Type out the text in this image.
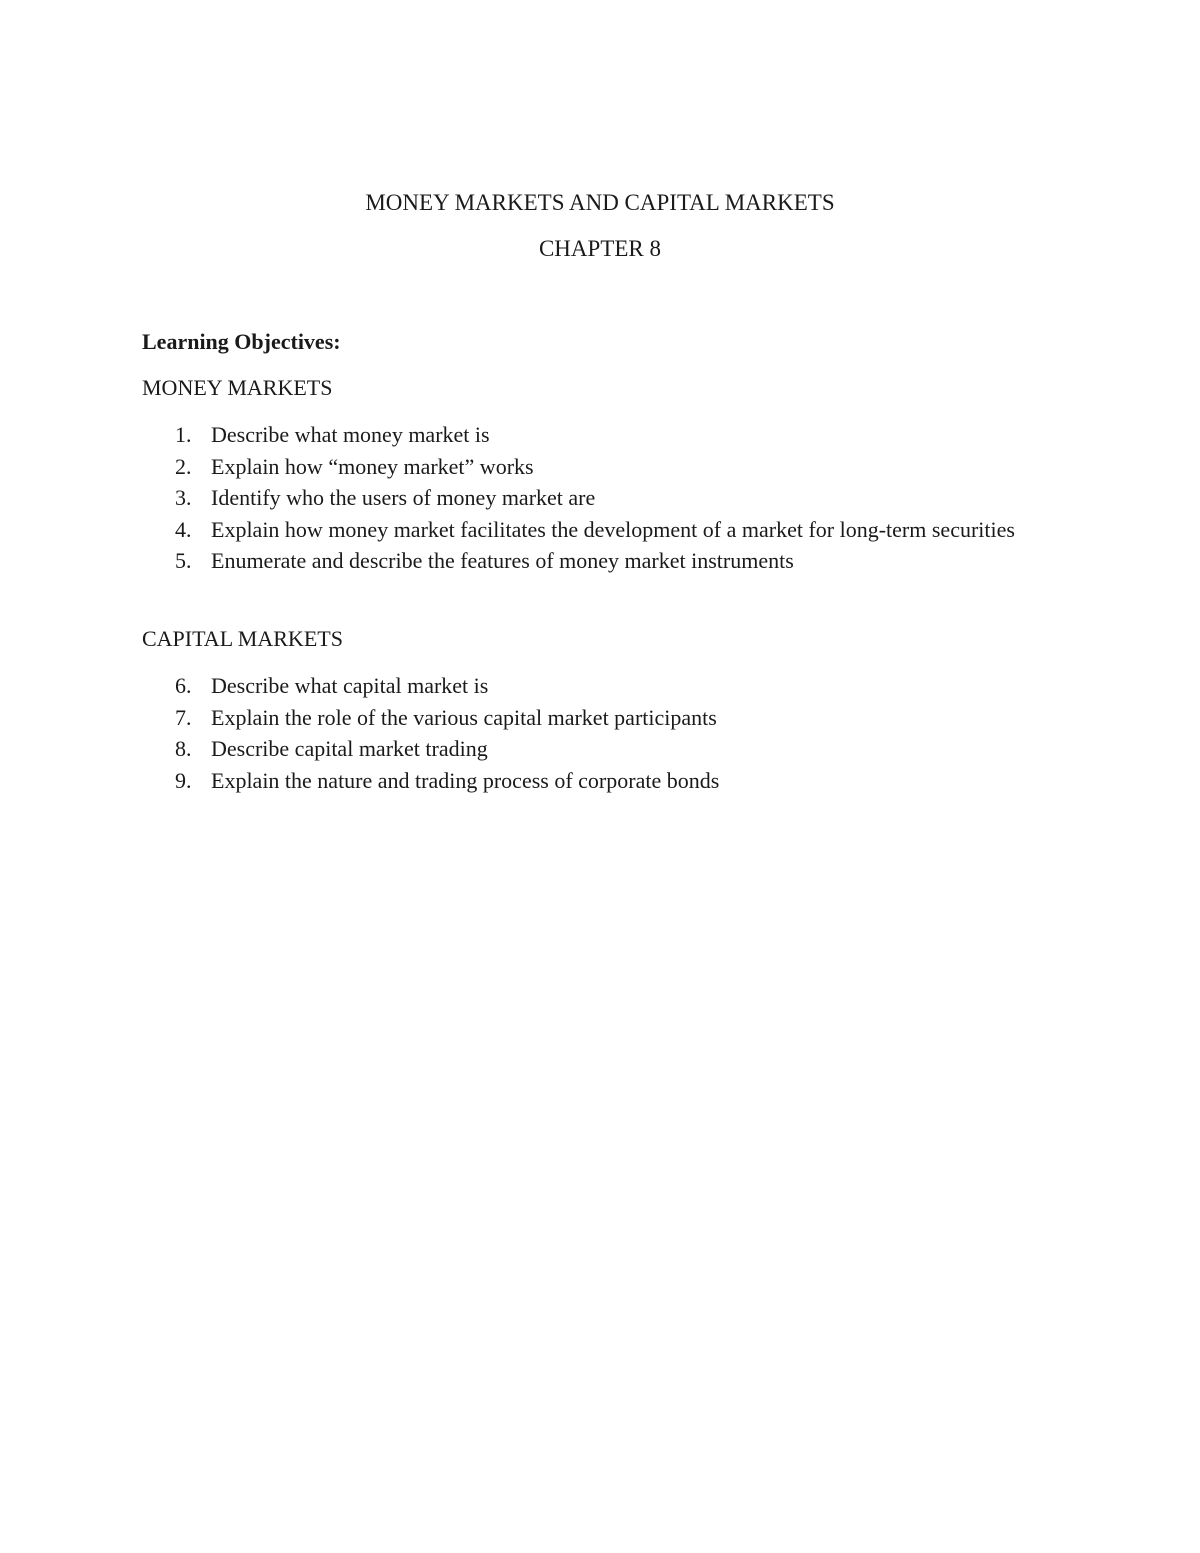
MONEY MARKETS AND CAPITAL MARKETS
CHAPTER 8

Learning Objectives:

MONEY MARKETS
1. Describe what money market is
2. Explain how “money market” works
3. Identify who the users of money market are
4. Explain how money market facilitates the development of a market for long-term securities
5. Enumerate and describe the features of money market instruments
CAPITAL MARKETS
6. Describe what capital market is
7. Explain the role of the various capital market participants
8. Describe capital market trading
9. Explain the nature and trading process of corporate bonds
